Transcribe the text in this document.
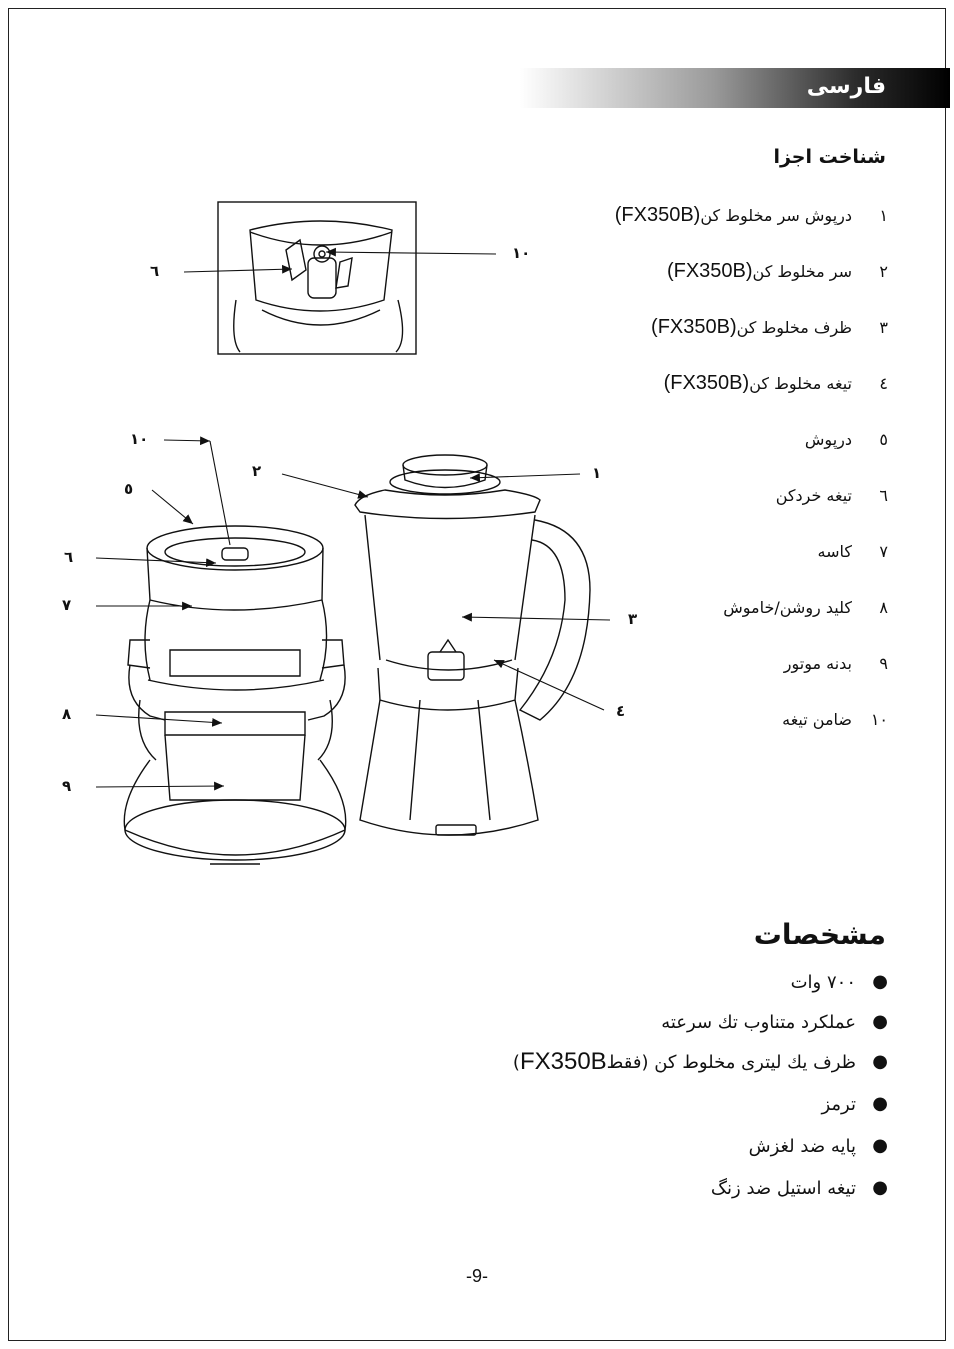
فارسی
شناخت اجزا
١
درپوش سر مخلوط کن
(FX350B)
٢
سر مخلوط کن
(FX350B)
٣
ظرف مخلوط کن
(FX350B)
٤
تیغه مخلوط کن
(FX350B)
٥
درپوش
٦
تیغه خردکن
٧
کاسه
٨
کلید روشن/خاموش
٩
بدنه موتور
١٠
ضامن تیغه
٦
١٠
١٠
٥
٢	١
٦
٧
٣
٤
٨
٩
مشخصات
●
٧٠٠ وات
●
عملکرد متناوب تك سرعته
●
ظرف يك ليتری مخلوط کن (فقط
FX350B
)
●
ترمز
●
پایه ضد لغزش
●
تیغه استیل ضد زنگ
-9-
